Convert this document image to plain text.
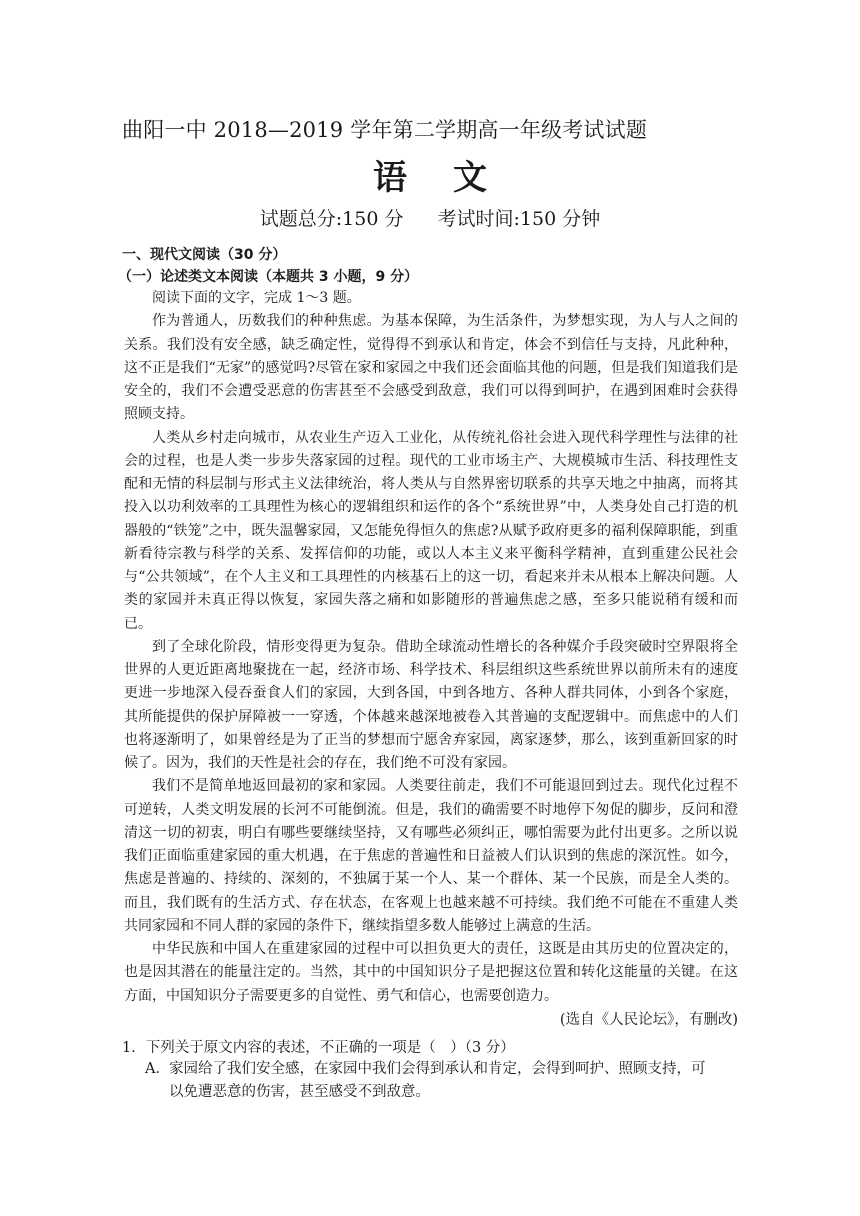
曲阳一中 2018—2019 学年第二学期高一年级考试试题
语文
试题总分:150 分 考试时间:150 分钟
一、现代文阅读（30 分）
（一）论述类文本阅读（本题共 3 小题，9 分）

阅读下面的文字，完成 1～3 题。

作为普通人，历数我们的种种焦虑。为基本保障，为生活条件，为梦想实现，为人与人之间的关系。我们没有安全感，缺乏确定性，觉得得不到承认和肯定，体会不到信任与支持，凡此种种，这不正是我们“无家”的感觉吗?尽管在家和家园之中我们还会面临其他的问题，但是我们知道我们是安全的，我们不会遭受恶意的伤害甚至不会感受到敌意，我们可以得到呵护，在遇到困难时会获得照顾支持。

人类从乡村走向城市，从农业生产迈入工业化，从传统礼俗社会进入现代科学理性与法律的社会的过程，也是人类一步步失落家园的过程。现代的工业市场主产、大规模城市生活、科技理性支配和无情的科层制与形式主义法律统治，将人类从与自然界密切联系的共享天地之中抽离，而将其投入以功利效率的工具理性为核心的逻辑组织和运作的各个“系统世界”中，人类身处自己打造的机器般的“铁笼”之中，既失温馨家园，又怎能免得恒久的焦虑?从赋予政府更多的福利保障职能，到重新看待宗教与科学的关系、发挥信仰的功能，或以人本主义来平衡科学精神，直到重建公民社会与“公共领域”，在个人主义和工具理性的内核基石上的这一切，看起来并未从根本上解决问题。人类的家园并未真正得以恢复，家园失落之痛和如影随形的普遍焦虑之感，至多只能说稍有缓和而已。

到了全球化阶段，情形变得更为复杂。借助全球流动性增长的各种媒介手段突破时空界限将全世界的人更近距离地聚拢在一起，经济市场、科学技术、科层组织这些系统世界以前所未有的速度更进一步地深入侵吞蚕食人们的家园，大到各国，中到各地方、各种人群共同体，小到各个家庭，其所能提供的保护屏障被一一穿透，个体越来越深地被卷入其普遍的支配逻辑中。而焦虑中的人们也将逐渐明了，如果曾经是为了正当的梦想而宁愿舍弃家园，离家逐梦，那么，该到重新回家的时候了。因为，我们的天性是社会的存在，我们绝不可没有家园。

我们不是简单地返回最初的家和家园。人类要往前走，我们不可能退回到过去。现代化过程不可逆转，人类文明发展的长河不可能倒流。但是，我们的确需要不时地停下匆促的脚步，反问和澄清这一切的初衷，明白有哪些要继续坚持，又有哪些必须纠正，哪怕需要为此付出更多。之所以说我们正面临重建家园的重大机遇，在于焦虑的普遍性和日益被人们认识到的焦虑的深沉性。如今，焦虑是普遍的、持续的、深刻的，不独属于某一个人、某一个群体、某一个民族，而是全人类的。而且，我们既有的生活方式、存在状态，在客观上也越来越不可持续。我们绝不可能在不重建人类共同家园和不同人群的家园的条件下，继续指望多数人能够过上满意的生活。

中华民族和中国人在重建家园的过程中可以担负更大的责任，这既是由其历史的位置决定的，也是因其潜在的能量注定的。当然，其中的中国知识分子是把握这位置和转化这能量的关键。在这方面，中国知识分子需要更多的自觉性、勇气和信心，也需要创造力。

(选自《人民论坛》，有删改)
1．下列关于原文内容的表述，不正确的一项是（　）（3 分）
A．家园给了我们安全感，在家园中我们会得到承认和肯定，会得到呵护、照顾支持，可
以免遭恶意的伤害，甚至感受不到敌意。
